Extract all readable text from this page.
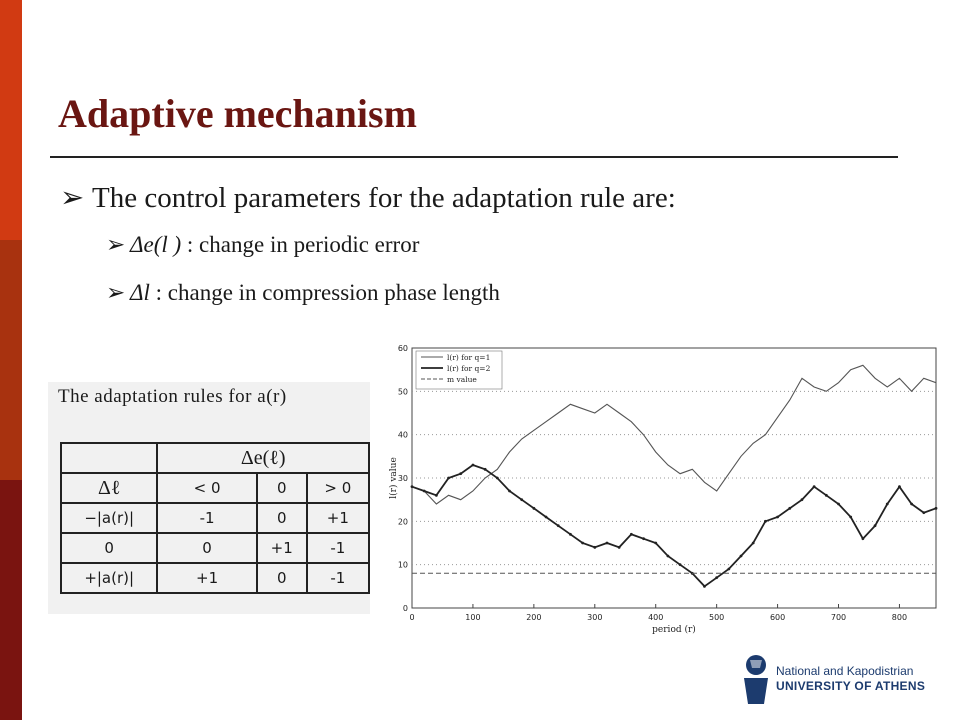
Adaptive mechanism
➢ The control parameters for the adaptation rule are:
➢ Δe(l ) : change in periodic error
➢ Δl : change in compression phase length
The adaptation rules for a(r)
	Δe(ℓ)		
Δℓ	< 0	0	> 0
−|a(r)|	-1	0	+1
0	0	+1	-1
+|a(r)|	+1	0	-1
0
10
20
30
40
50
60
0	100	200	300	400	500	600	700	800
period (r)
l(r) value
l(r) for q=1
l(r) for q=2
m value
National and Kapodistrian
UNIVERSITY OF ATHENS
